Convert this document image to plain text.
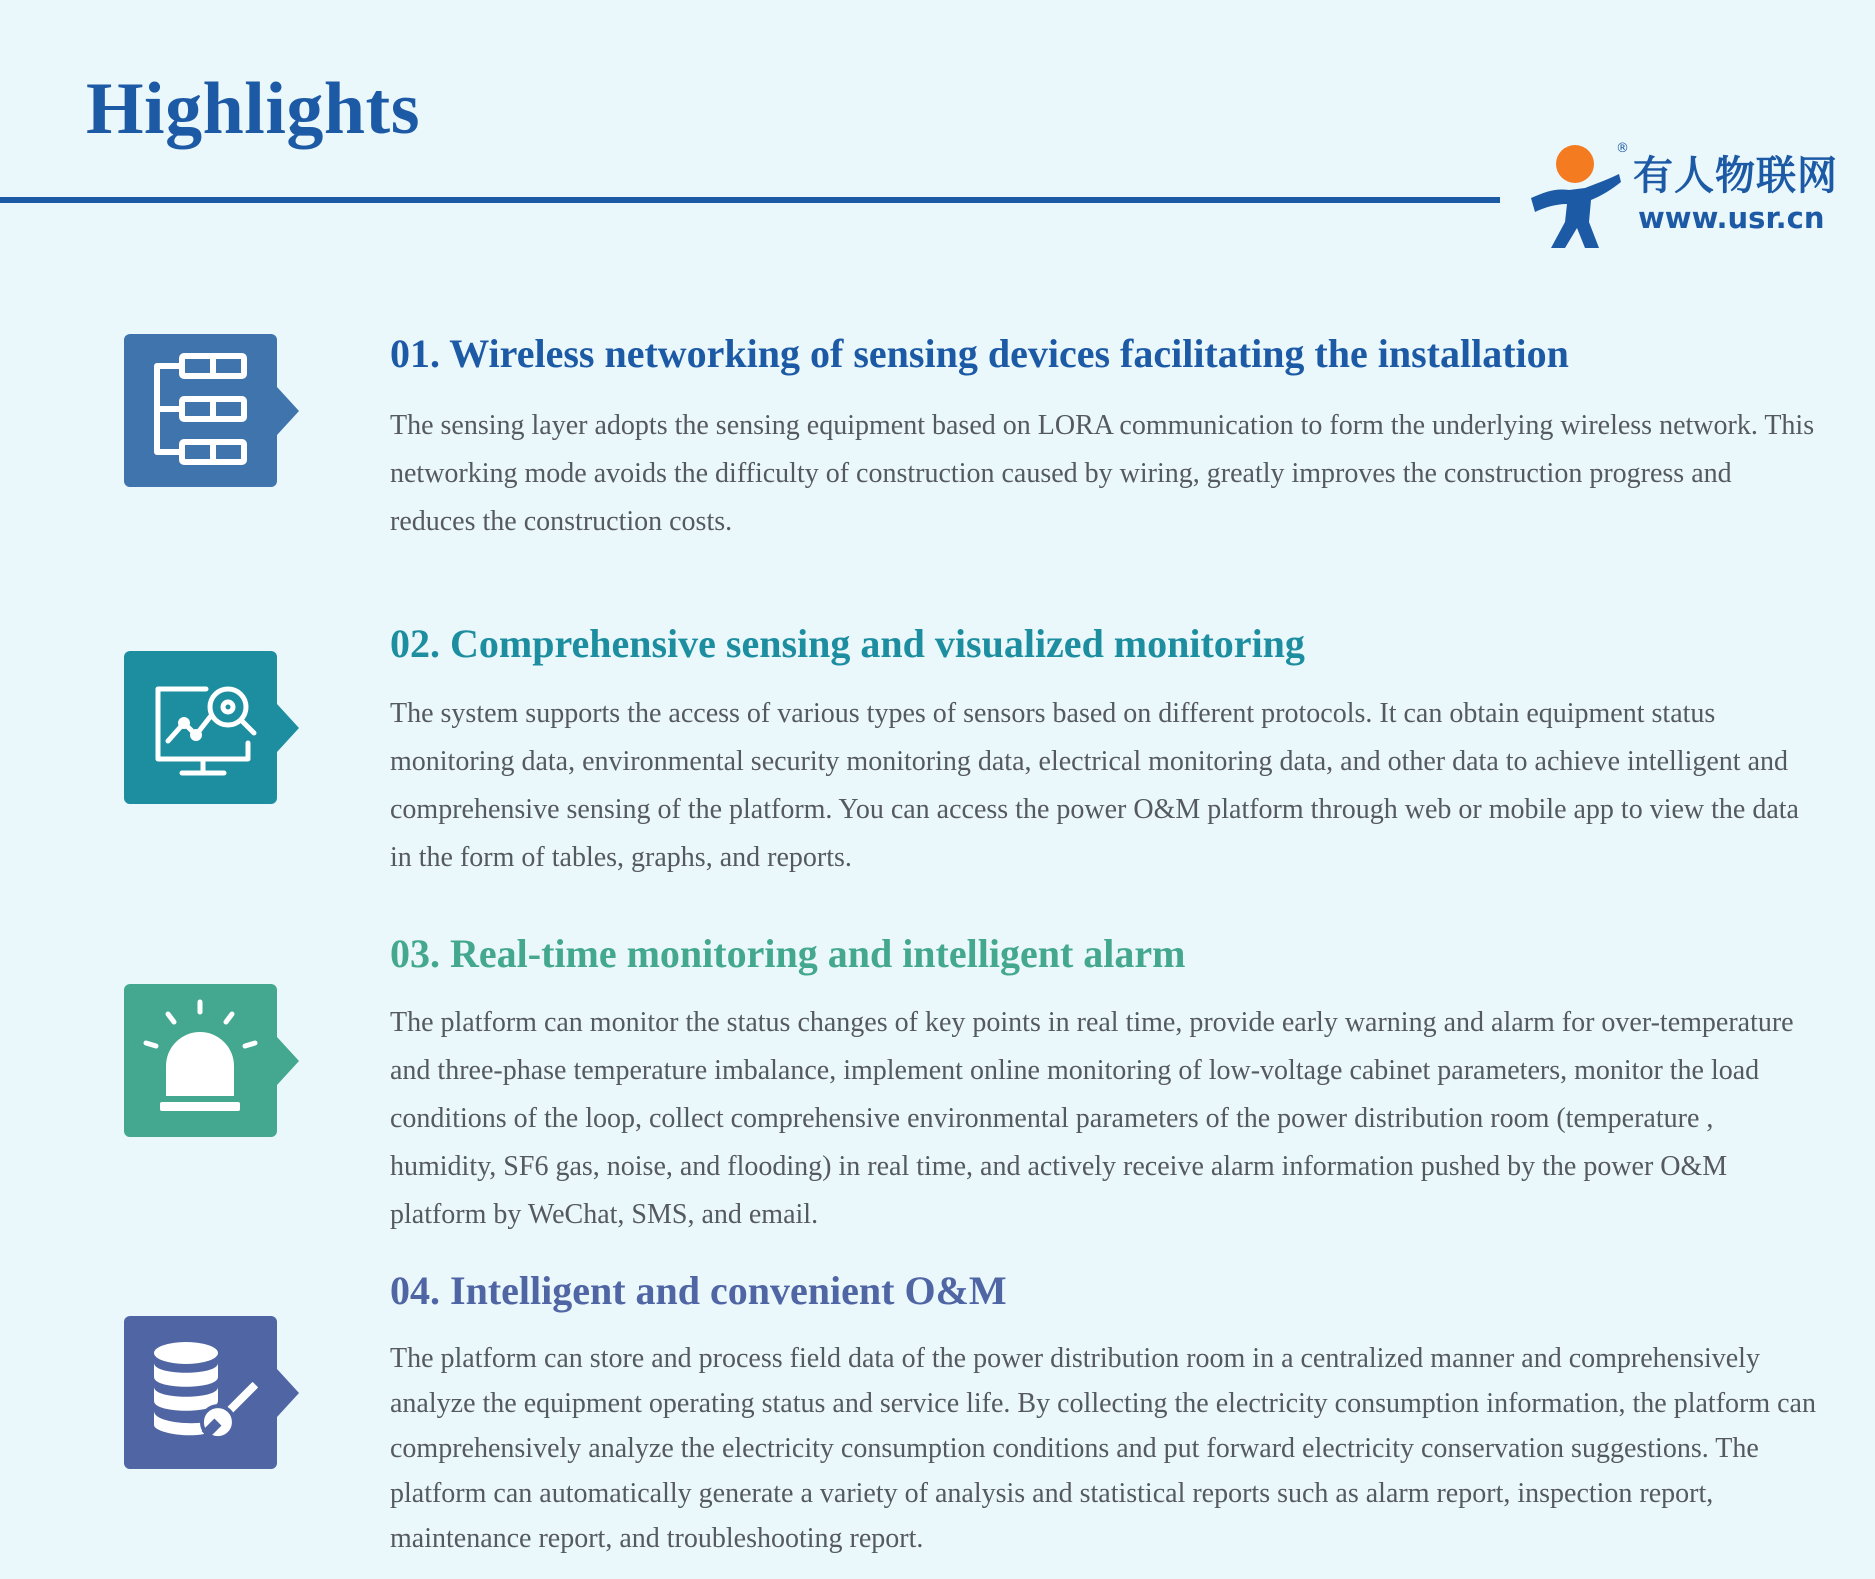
Highlights	®
有人物联网
www.usr.cn
01. Wireless networking of sensing devices facilitating the installation

The sensing layer adopts the sensing equipment based on LORA communication to form the underlying wireless network. This networking mode avoids the difficulty of construction caused by wiring, greatly improves the construction progress and reduces the construction costs.

02. Comprehensive sensing and visualized monitoring

The system supports the access of various types of sensors based on different protocols. It can obtain equipment status monitoring data, environmental security monitoring data, electrical monitoring data, and other data to achieve intelligent and comprehensive sensing of the platform. You can access the power O&M platform through web or mobile app to view the data in the form of tables, graphs, and reports.

03. Real-time monitoring and intelligent alarm

The platform can monitor the status changes of key points in real time, provide early warning and alarm for over-temperature and three-phase temperature imbalance, implement online monitoring of low-voltage cabinet parameters, monitor the load conditions of the loop, collect comprehensive environmental parameters of the power distribution room (temperature , humidity, SF6 gas, noise, and flooding) in real time, and actively receive alarm information pushed by the power O&M platform by WeChat, SMS, and email.

04. Intelligent and convenient O&M

The platform can store and process field data of the power distribution room in a centralized manner and comprehensively analyze the equipment operating status and service life. By collecting the electricity consumption information, the platform can comprehensively analyze the electricity consumption conditions and put forward electricity conservation suggestions. The platform can automatically generate a variety of analysis and statistical reports such as alarm report, inspection report, maintenance report, and troubleshooting report.
